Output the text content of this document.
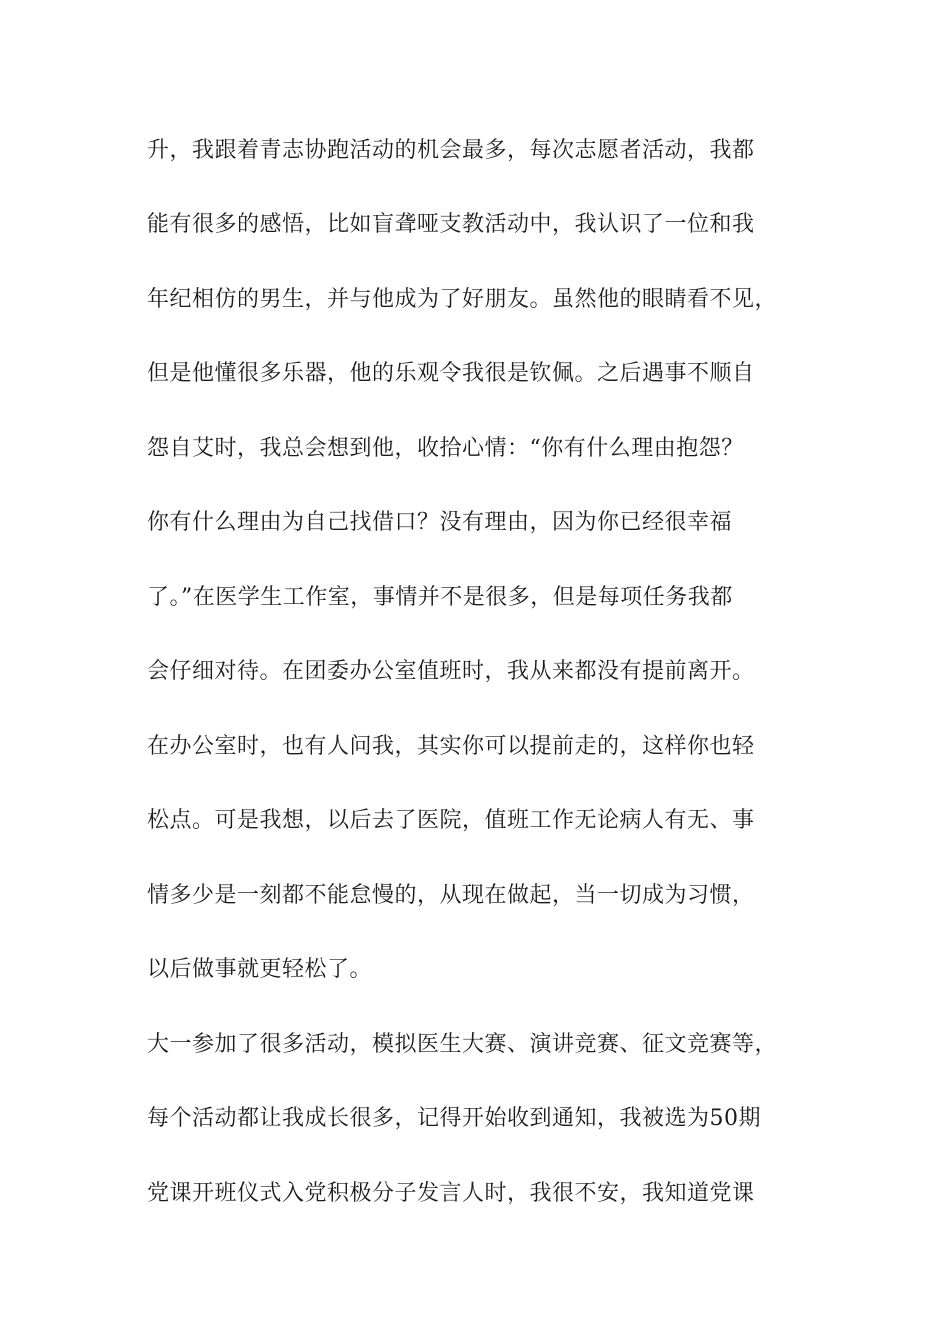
升，我跟着青志协跑活动的机会最多，每次志愿者活动，我都
能有很多的感悟，比如盲聋哑支教活动中，我认识了一位和我
年纪相仿的男生，并与他成为了好朋友。虽然他的眼睛看不见，
但是他懂很多乐器，他的乐观令我很是钦佩。之后遇事不顺自
怨自艾时，我总会想到他，收拾心情：“你有什么理由抱怨？
你有什么理由为自己找借口？没有理由，因为你已经很幸福
了。”在医学生工作室，事情并不是很多，但是每项任务我都
会仔细对待。在团委办公室值班时，我从来都没有提前离开。
在办公室时，也有人问我，其实你可以提前走的，这样你也轻
松点。可是我想，以后去了医院，值班工作无论病人有无、事
情多少是一刻都不能怠慢的，从现在做起，当一切成为习惯，
以后做事就更轻松了。
大一参加了很多活动，模拟医生大赛、演讲竞赛、征文竞赛等，
每个活动都让我成长很多，记得开始收到通知，我被选为50期
党课开班仪式入党积极分子发言人时，我很不安，我知道党课
